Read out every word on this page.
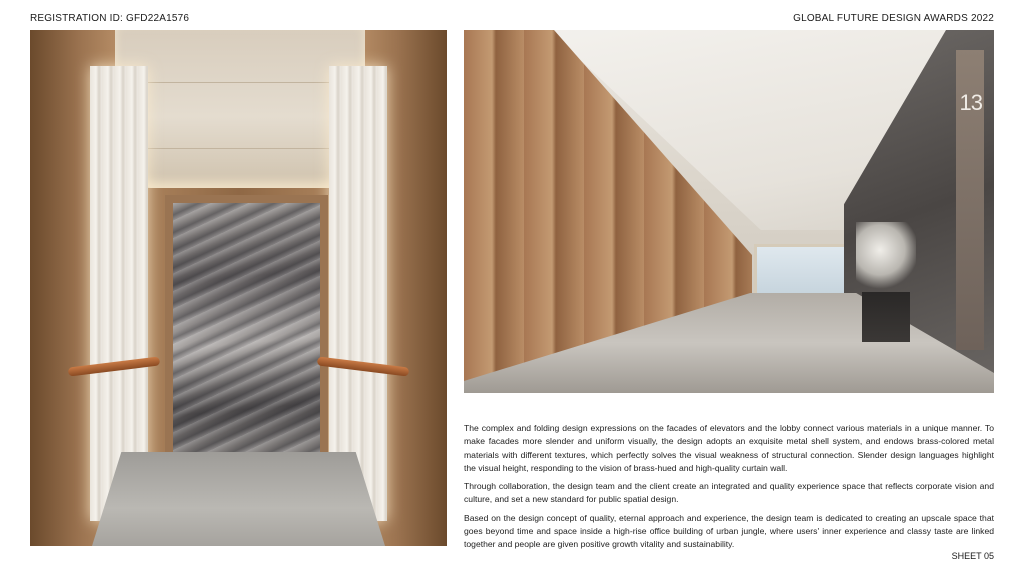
REGISTRATION ID: GFD22A1576	GLOBAL FUTURE DESIGN AWARDS 2022
13

The complex and folding design expressions on the facades of elevators and the lobby connect various materials in a unique manner. To make facades more slender and uniform visually, the design adopts an exquisite metal shell system, and endows brass-colored metal materials with different textures, which perfectly solves the visual weakness of structural connection. Slender design languages highlight the visual height, responding to the vision of brass-hued and high-quality curtain wall.

Through collaboration, the design team and the client create an integrated and quality experience space that reflects corporate vision and culture, and set a new standard for public spatial design.

Based on the design concept of quality, eternal approach and experience, the design team is dedicated to creating an upscale space that goes beyond time and space inside a high-rise office building of urban jungle, where users' inner experience and classy taste are linked together and people are given positive growth vitality and sustainability.

SHEET 05
